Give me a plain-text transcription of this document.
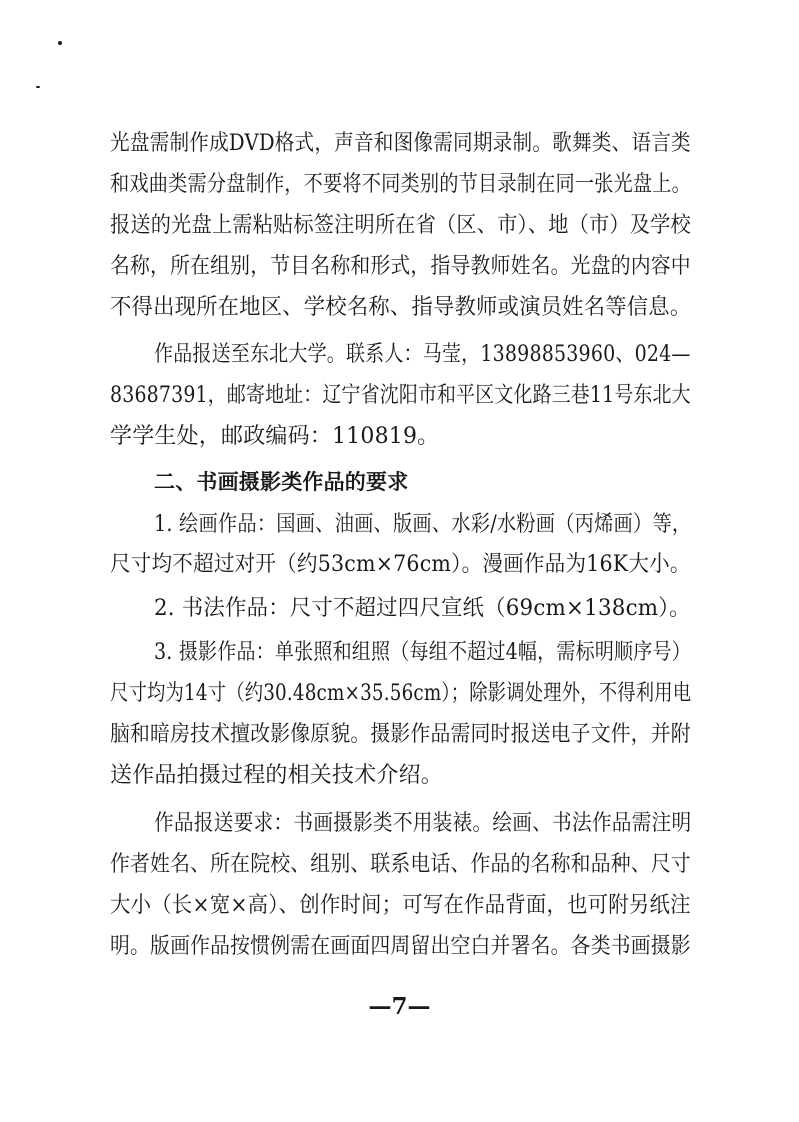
光盘需制作成DVD格式，声音和图像需同期录制。歌舞类、语言类
和戏曲类需分盘制作，不要将不同类别的节目录制在同一张光盘上。
报送的光盘上需粘贴标签注明所在省（区、市）、地（市）及学校
名称，所在组别，节目名称和形式，指导教师姓名。光盘的内容中
不得出现所在地区、学校名称、指导教师或演员姓名等信息。
作品报送至东北大学。联系人：马莹，13898853960、024—
83687391，邮寄地址：辽宁省沈阳市和平区文化路三巷11号东北大
学学生处，邮政编码：110819。
二、书画摄影类作品的要求
1. 绘画作品：国画、油画、版画、水彩/水粉画（丙烯画）等，
尺寸均不超过对开（约53cm×76cm）。漫画作品为16K大小。
2. 书法作品：尺寸不超过四尺宣纸（69cm×138cm）。
3. 摄影作品：单张照和组照（每组不超过4幅，需标明顺序号）
尺寸均为14寸（约30.48cm×35.56cm）；除影调处理外，不得利用电
脑和暗房技术擅改影像原貌。摄影作品需同时报送电子文件，并附
送作品拍摄过程的相关技术介绍。
作品报送要求：书画摄影类不用装裱。绘画、书法作品需注明
作者姓名、所在院校、组别、联系电话、作品的名称和品种、尺寸
大小（长×宽×高）、创作时间；可写在作品背面，也可附另纸注
明。版画作品按惯例需在画面四周留出空白并署名。各类书画摄影
—7—
